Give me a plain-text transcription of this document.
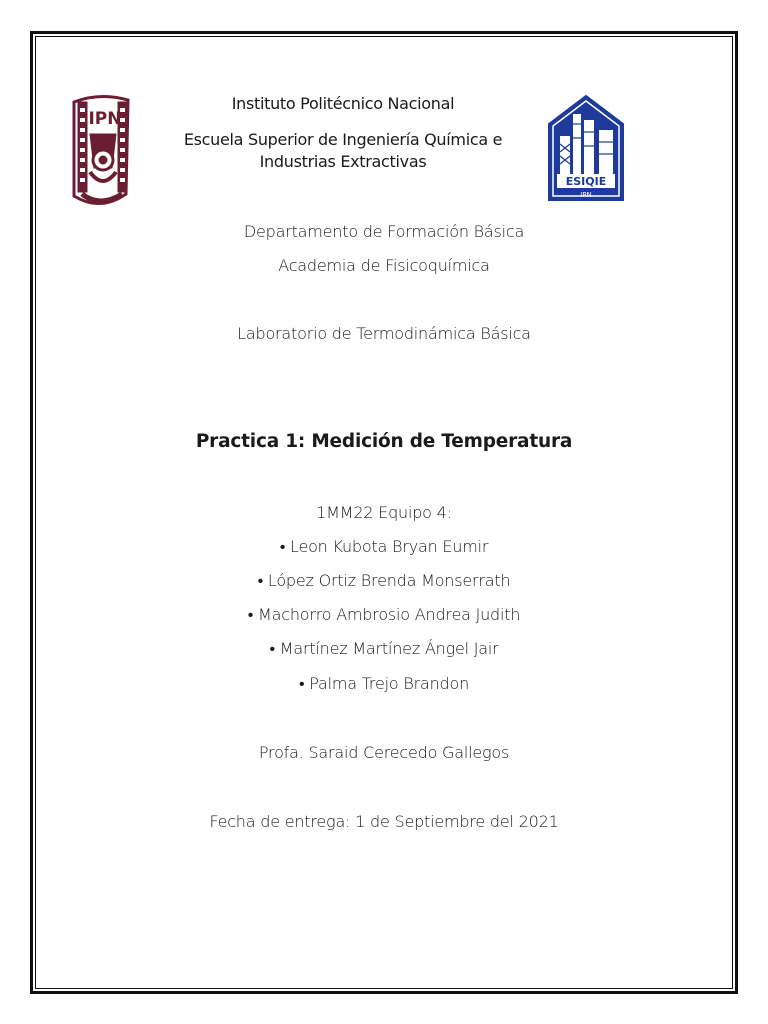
IPN
ESIQIE
IPN
Instituto Politécnico Nacional
Escuela Superior de Ingeniería Química e
Industrias Extractivas
Departamento de Formación Básica
Academia de Fisicoquímica
Laboratorio de Termodinámica Básica
Practica 1: Medición de Temperatura
1MM22 Equipo 4:
• Leon Kubota Bryan Eumir
• López Ortiz Brenda Monserrath
• Machorro Ambrosio Andrea Judith
• Martínez Martínez Ángel Jair
• Palma Trejo Brandon
Profa. Saraid Cerecedo Gallegos
Fecha de entrega: 1 de Septiembre del 2021
